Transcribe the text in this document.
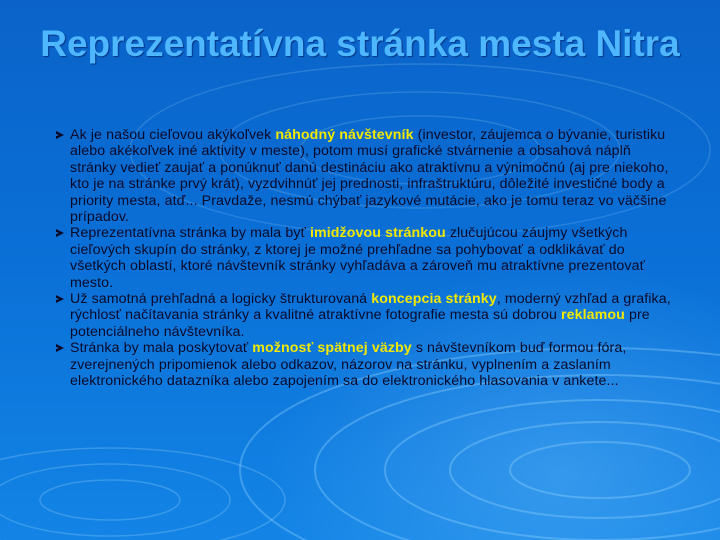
Reprezentatívna stránka mesta Nitra
Ak je našou cieľovou akýkoľvek náhodný návštevník (investor, záujemca o bývanie, turistiku alebo akékoľvek iné aktivity v meste), potom musí grafické stvárnenie a obsahová náplň stránky vedieť zaujať a ponúknuť danú destináciu ako atraktívnu a výnimočnú (aj pre niekoho, kto je na stránke prvý krát), vyzdvihnúť jej prednosti, infraštruktúru, dôležité investičné body a priority mesta, atď... Pravdaže, nesmú chýbať jazykové mutácie, ako je tomu teraz vo väčšine prípadov.
Reprezentatívna stránka by mala byť imidžovou stránkou zlučujúcou záujmy všetkých cieľových skupín do stránky, z ktorej je možné prehľadne sa pohybovať a odklikávať do všetkých oblastí, ktoré návštevník stránky vyhľadáva a zároveň mu atraktívne prezentovať mesto.
Už samotná prehľadná a logicky štrukturovaná koncepcia stránky, moderný vzhľad a grafika, rýchlosť načítavania stránky a kvalitné atraktívne fotografie mesta sú dobrou reklamou pre potenciálneho návštevníka.
Stránka by mala poskytovať možnosť spätnej väzby s návštevníkom buď formou fóra, zverejnených pripomienok alebo odkazov, názorov na stránku, vyplnením a zaslaním elektronického datazníka alebo zapojením sa do elektronického hlasovania v ankete...
